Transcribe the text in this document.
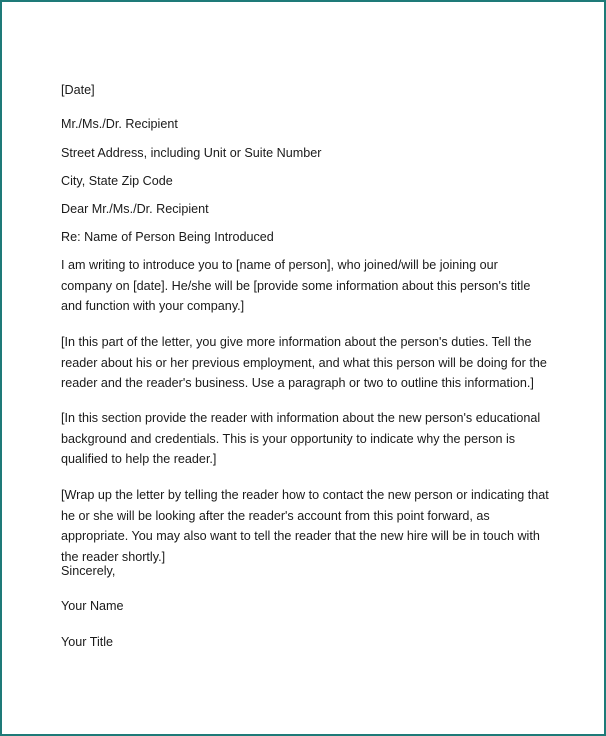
[Date]
Mr./Ms./Dr. Recipient
Street Address, including Unit or Suite Number
City, State Zip Code
Dear Mr./Ms./Dr. Recipient
Re: Name of Person Being Introduced
I am writing to introduce you to [name of person], who joined/will be joining our company on [date]. He/she will be [provide some information about this person's title and function with your company.]
[In this part of the letter, you give more information about the person's duties. Tell the reader about his or her previous employment, and what this person will be doing for the reader and the reader's business. Use a paragraph or two to outline this information.]
[In this section provide the reader with information about the new person's educational background and credentials. This is your opportunity to indicate why the person is qualified to help the reader.]
[Wrap up the letter by telling the reader how to contact the new person or indicating that he or she will be looking after the reader's account from this point forward, as appropriate. You may also want to tell the reader that the new hire will be in touch with the reader shortly.]
Sincerely,
Your Name
Your Title
